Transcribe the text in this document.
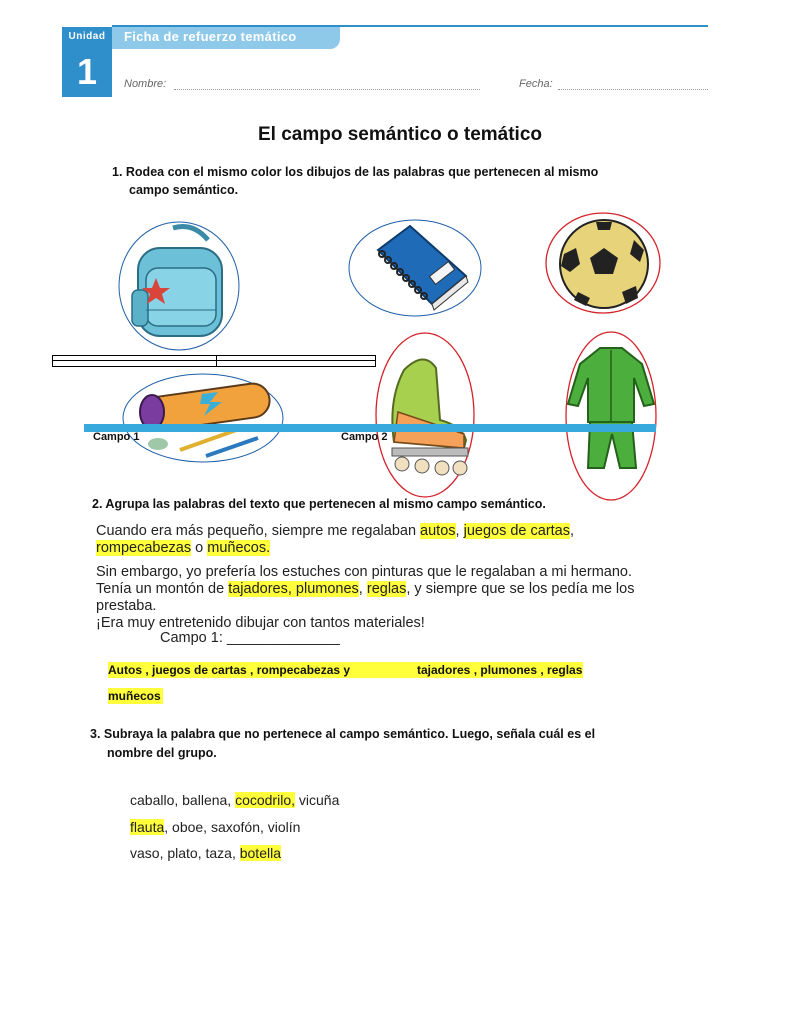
Unidad
1
Ficha de refuerzo temático
Nombre:	Fecha:
El campo semántico o temático
1. Rodea con el mismo color los dibujos de las palabras que pertenecen al mismo
campo semántico.
Campo 1	Campo 2
2. Agrupa las palabras del texto que pertenecen al mismo campo semántico.
Cuando era más pequeño, siempre me regalaban autos, juegos de cartas,
rompecabezas o muñecos.
Sin embargo, yo prefería los estuches con pinturas que le regalaban a mi hermano.
Tenía un montón de tajadores, plumones, reglas, y siempre que se los pedía me los
prestaba.
¡Era muy entretenido dibujar con tantos materiales!
Campo 1: ______________
Autos , juegos de cartas , rompecabezas y	tajadores , plumones , reglas
muñecos
3. Subraya la palabra que no pertenece al campo semántico. Luego, señala cuál es el
nombre del grupo.
caballo, ballena, cocodrilo, vicuña
flauta, oboe, saxofón, violín
vaso, plato, taza, botella
